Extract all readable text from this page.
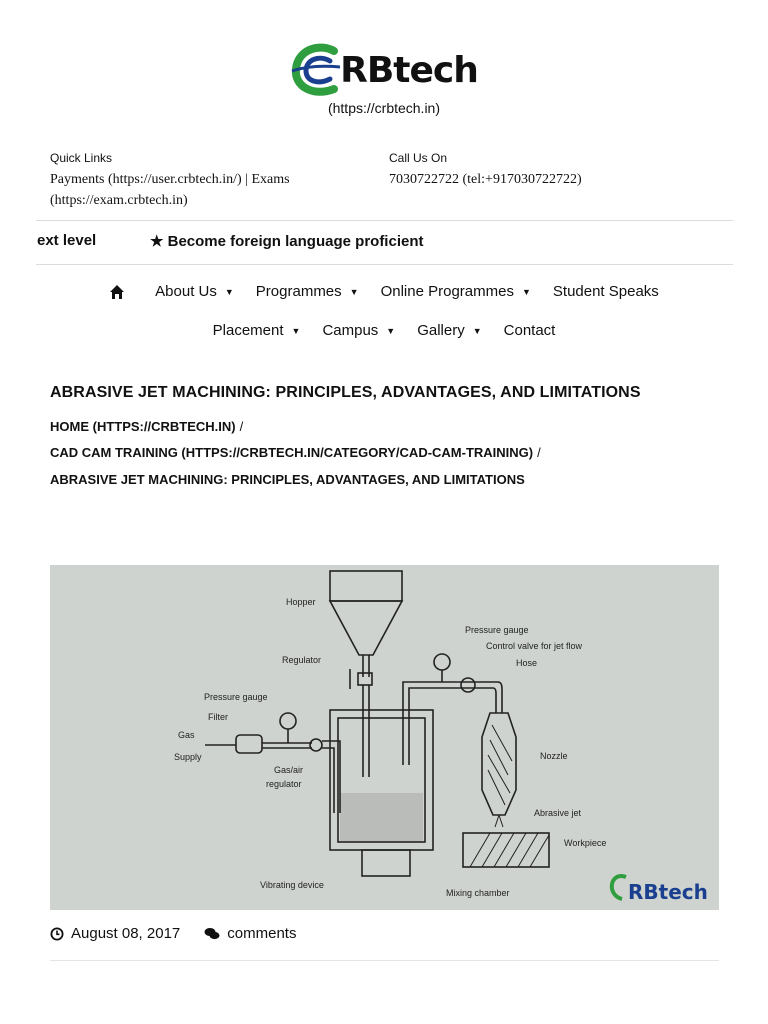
RBtech
(https://crbtech.in)
Quick Links
Payments (https://user.crbtech.in/) | Exams
(https://exam.crbtech.in)
Call Us On
7030722722 (tel:+917030722722)
ext level	★ Become foreign language proficient
About Us ▼ Programmes ▼ Online Programmes ▼ Student Speaks
Placement ▼ Campus ▼ Gallery ▼ Contact
ABRASIVE JET MACHINING: PRINCIPLES, ADVANTAGES, AND LIMITATIONS
HOME (HTTPS://CRBTECH.IN) /
CAD CAM TRAINING (HTTPS://CRBTECH.IN/CATEGORY/CAD-CAM-TRAINING) /
ABRASIVE JET MACHINING: PRINCIPLES, ADVANTAGES, AND LIMITATIONS
Hopper
Pressure gauge
Control valve for jet flow
Hose
Regulator
Pressure gauge
Filter
Gas
Supply
Gas/air
regulator
Nozzle
Abrasive jet
Workpiece
Vibrating device
Mixing chamber	RBtech
August 08, 2017	comments
